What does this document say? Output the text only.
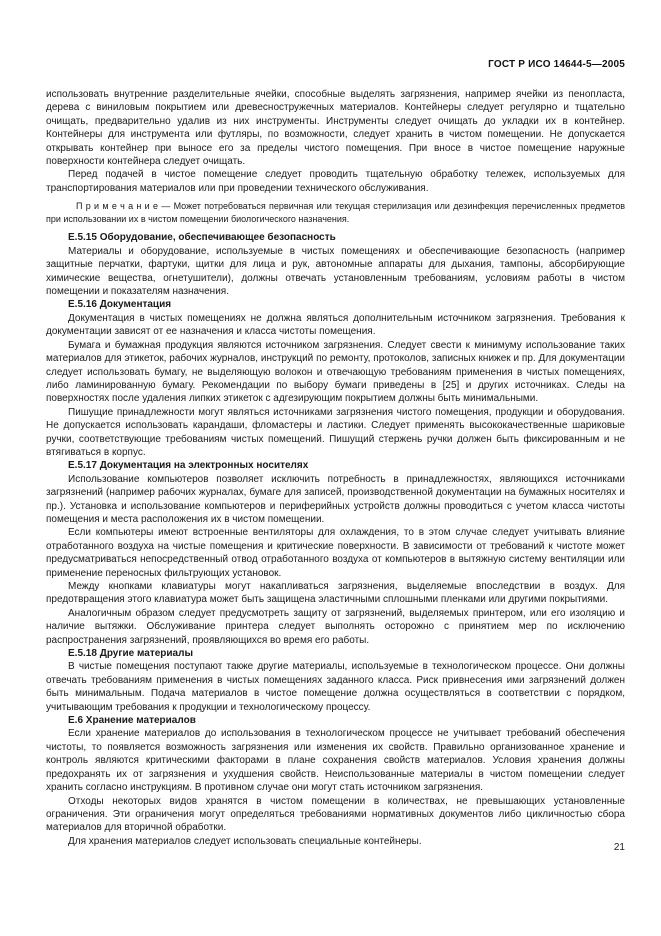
ГОСТ Р ИСО 14644-5—2005

использовать внутренние разделительные ячейки, способные выделять загрязнения, например ячейки из пенопласта, дерева с виниловым покрытием или древесностружечных материалов. Контейнеры следует регулярно и тщательно очищать, предварительно удалив из них инструменты. Инструменты следует очищать до укладки их в контейнер. Контейнеры для инструмента или футляры, по возможности, следует хранить в чистом помещении. Не допускается открывать контейнер при выносе его за пределы чистого помещения. При вносе в чистое помещение наружные поверхности контейнера следует очищать.

Перед подачей в чистое помещение следует проводить тщательную обработку тележек, используемых для транспортирования материалов или при проведении технического обслуживания.

П р и м е ч а н и е — Может потребоваться первичная или текущая стерилизация или дезинфекция перечисленных предметов при использовании их в чистом помещении биологического назначения.

Е.5.15 Оборудование, обеспечивающее безопасность

Материалы и оборудование, используемые в чистых помещениях и обеспечивающие безопасность (например защитные перчатки, фартуки, щитки для лица и рук, автономные аппараты для дыхания, тампоны, абсорбирующие химические вещества, огнетушители), должны отвечать установленным требованиям, условиям работы в чистом помещении и показателям назначения.

Е.5.16 Документация

Документация в чистых помещениях не должна являться дополнительным источником загрязнения. Требования к документации зависят от ее назначения и класса чистоты помещения.

Бумага и бумажная продукция являются источником загрязнения. Следует свести к минимуму использование таких материалов для этикеток, рабочих журналов, инструкций по ремонту, протоколов, записных книжек и пр. Для документации следует использовать бумагу, не выделяющую волокон и отвечающую требованиям применения в чистых помещениях, либо ламинированную бумагу. Рекомендации по выбору бумаги приведены в [25] и других источниках. Следы на поверхностях после удаления липких этикеток с адгезирующим покрытием должны быть минимальными.

Пишущие принадлежности могут являться источниками загрязнения чистого помещения, продукции и оборудования. Не допускается использовать карандаши, фломастеры и ластики. Следует применять высококачественные шариковые ручки, соответствующие требованиям чистых помещений. Пишущий стержень ручки должен быть фиксированным и не втягиваться в корпус.

Е.5.17 Документация на электронных носителях

Использование компьютеров позволяет исключить потребность в принадлежностях, являющихся источниками загрязнений (например рабочих журналах, бумаге для записей, производственной документации на бумажных носителях и пр.). Установка и использование компьютеров и периферийных устройств должны проводиться с учетом класса чистоты помещения и места расположения их в чистом помещении.

Если компьютеры имеют встроенные вентиляторы для охлаждения, то в этом случае следует учитывать влияние отработанного воздуха на чистые помещения и критические поверхности. В зависимости от требований к чистоте может предусматриваться непосредственный отвод отработанного воздуха от компьютеров в вытяжную систему вентиляции или применение переносных фильтрующих установок.

Между кнопками клавиатуры могут накапливаться загрязнения, выделяемые впоследствии в воздух. Для предотвращения этого клавиатура может быть защищена эластичными сплошными пленками или другими покрытиями.

Аналогичным образом следует предусмотреть защиту от загрязнений, выделяемых принтером, или его изоляцию и наличие вытяжки. Обслуживание принтера следует выполнять осторожно с принятием мер по исключению распространения загрязнений, проявляющихся во время его работы.

Е.5.18 Другие материалы

В чистые помещения поступают также другие материалы, используемые в технологическом процессе. Они должны отвечать требованиям применения в чистых помещениях заданного класса. Риск привнесения ими загрязнений должен быть минимальным. Подача материалов в чистое помещение должна осуществляться в соответствии с порядком, учитывающим требования к продукции и технологическому процессу.

Е.6 Хранение материалов

Если хранение материалов до использования в технологическом процессе не учитывает требований обеспечения чистоты, то появляется возможность загрязнения или изменения их свойств. Правильно организованное хранение и контроль являются критическими факторами в плане сохранения свойств материалов. Условия хранения должны предохранять их от загрязнения и ухудшения свойств. Неиспользованные материалы в чистом помещении следует хранить согласно инструкциям. В противном случае они могут стать источником загрязнения.

Отходы некоторых видов хранятся в чистом помещении в количествах, не превышающих установленные ограничения. Эти ограничения могут определяться требованиями нормативных документов либо цикличностью сбора материалов для вторичной обработки.

Для хранения материалов следует использовать специальные контейнеры.

21
